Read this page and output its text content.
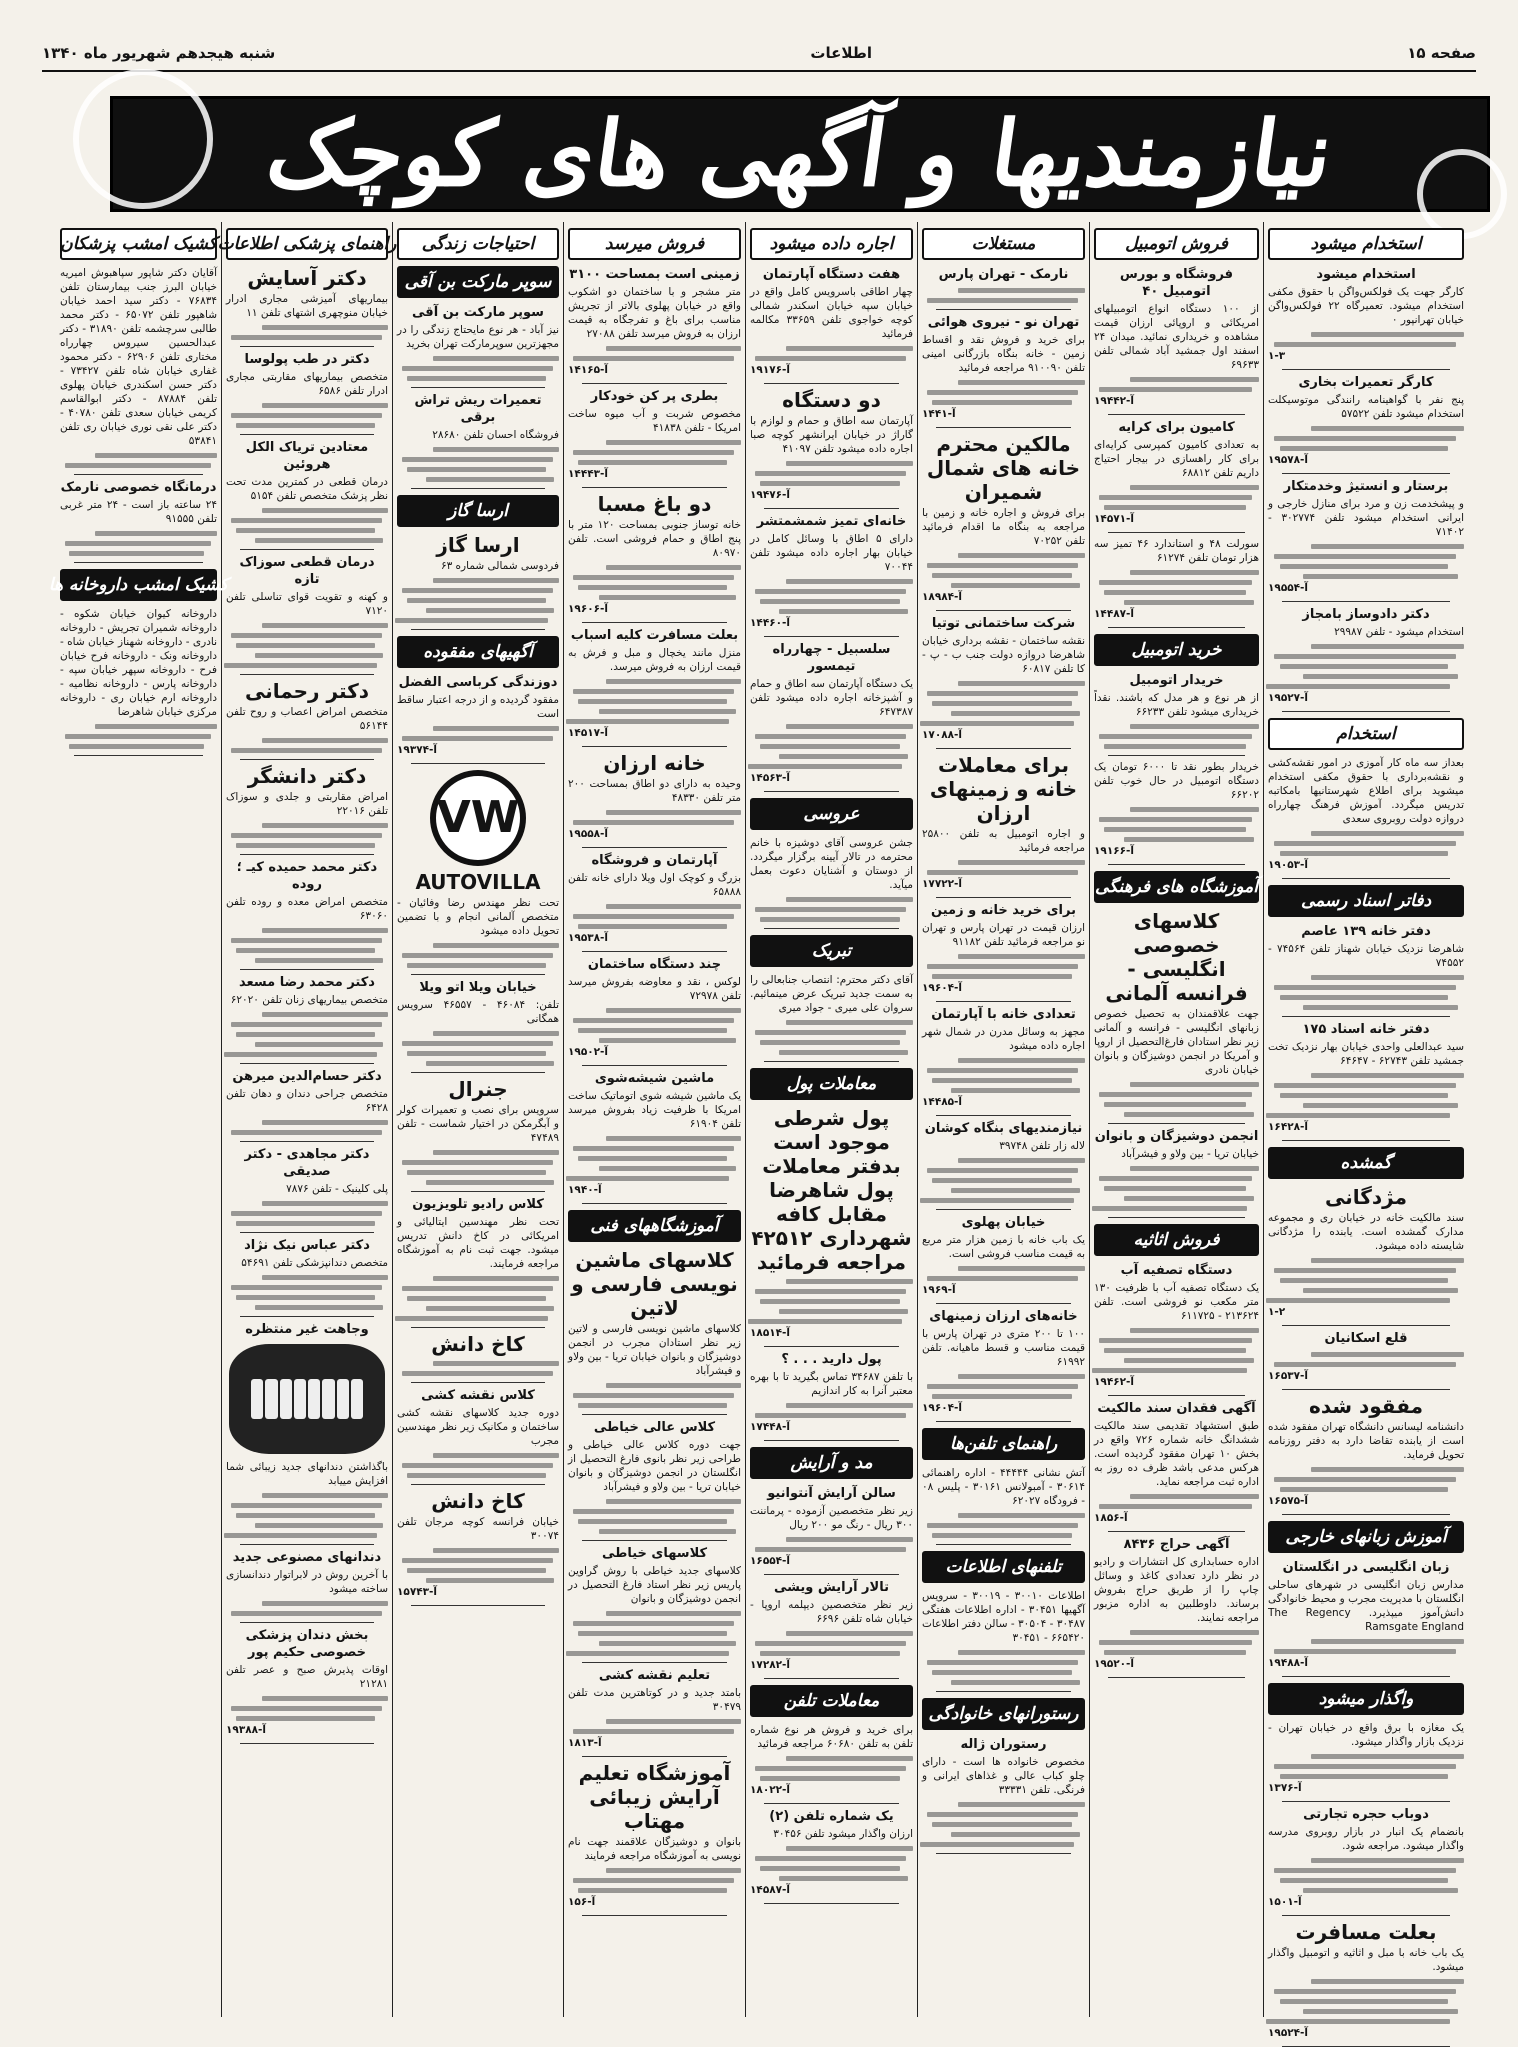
صفحه ۱۵
اطلاعات
شنبه هیجدهم شهریور ماه ۱۳۴۰
نیازمندیها و آگهی های کوچک
کشیک امشب پزشکان
آقایان دکتر شاپور سپاهبوش امیریه خیابان البرز جنب بیمارستان تلفن ۷۶۸۳۴ - دکتر سید احمد خیابان شاهپور تلفن ۶۵۰۷۲ - دکتر محمد طالبی سرچشمه تلفن ۳۱۸۹۰ - دکتر عبدالحسین سیروس چهارراه مختاری تلفن ۶۲۹۰۶ - دکتر محمود غفاری خیابان شاه تلفن ۷۳۴۲۷ - دکتر حسن اسکندری خیابان پهلوی تلفن ۸۷۸۸۴ - دکتر ابوالقاسم کریمی خیابان سعدی تلفن ۴۰۷۸۰ - دکتر علی نقی نوری خیابان ری تلفن ۵۳۸۴۱
درمانگاه خصوصی نارمک
۲۴ ساعته باز است - ۲۴ متر غربی تلفن ۹۱۵۵۵
کشیک امشب داروخانه ها
داروخانه کیوان خیابان شکوه - داروخانه شمیران تجریش - داروخانه نادری - داروخانه شهناز خیابان شاه - داروخانه ونک - داروخانه فرح خیابان فرح - داروخانه سپهر خیابان سپه - داروخانه پارس - داروخانه نظامیه - داروخانه ارم خیابان ری - داروخانه مرکزی خیابان شاهرضا
راهنمای پزشکی اطلاعات
دکتر آسایش
بیماریهای آمیزشی مجاری ادرار خیابان منوچهری اشتهای تلفن ۱۱
دکتر در طب پولوسا
متخصص بیماریهای مقاربتی مجاری ادرار تلفن ۶۵۸۶
معتادین تریاک الکل هروئین
درمان قطعی در کمترین مدت تحت نظر پزشک متخصص تلفن ۵۱۵۴
درمان قطعی سوزاک تازه
و کهنه و تقویت قوای تناسلی تلفن ۷۱۲۰
دکتر رحمانی
متخصص امراض اعصاب و روح تلفن ۵۶۱۴۴
دکتر دانشگر
امراض مقاربتی و جلدی و سوزاک تلفن ۲۲۰۱۶
دکتر محمد حمیده کیـ ؛ روده
متخصص امراض معده و روده تلفن ۶۳۰۶۰
دکتر محمد رضا مسعد
متخصص بیماریهای زنان تلفن ۶۲۰۲۰
دکتر حسام‌الدین میرهن
متخصص جراحی دندان و دهان تلفن ۶۴۲۸
دکتر مجاهدی - دکتر صدیقی
پلی کلینیک - تلفن ۷۸۷۶
دکتر عباس نیک نژاد
متخصص دندانپزشکی تلفن ۵۴۶۹۱
وجاهت غیر منتظره
باگذاشتن دندانهای جدید زیبائی شما افزایش مییابد
دندانهای مصنوعی جدید
با آخرین روش در لابراتوار دندانسازی ساخته میشود
بخش دندان پزشکی خصوصی حکیم پور
اوقات پذیرش صبح و عصر تلفن ۲۱۲۸۱
آ-۱۹۳۸۸
احتیاجات زندگی
سوپر مارکت بن آقی
سوپر مارکت بن آقی
نیز آباد - هر نوع مایحتاج زندگی را در مجهزترین سوپرمارکت تهران بخرید
تعمیرات ریش تراش برقی
فروشگاه احسان تلفن ۲۸۶۸۰
ارسا گاز
ارسا گاز
فردوسی شمالی شماره ۶۳
آگهیهای مفقوده
دوزندگی کرباسی الفضل
مفقود گردیده و از درجه اعتبار ساقط است
آ-۱۹۳۷۴
VW
AUTOVILLA
تحت نظر مهندس رضا وفائیان - متخصص آلمانی انجام و با تضمین تحویل داده میشود
خیابان ویلا اتو ویلا
تلفن: ۴۶۰۸۴ - ۴۶۵۵۷ سرویس همگانی
جنرال
سرویس برای نصب و تعمیرات کولر و آبگرمکن در اختیار شماست - تلفن ۴۷۴۸۹
کلاس رادیو تلویزیون
تحت نظر مهندسین ایتالیائی و امریکائی در کاخ دانش تدریس میشود. جهت ثبت نام به آموزشگاه مراجعه فرمایند.
کاخ دانش
کلاس نقشه کشی
دوره جدید کلاسهای نقشه کشی ساختمان و مکانیک زیر نظر مهندسین مجرب
کاخ دانش
خیابان فرانسه کوچه مرجان تلفن ۳۰۰۷۴
آ-۱۵۷۴۳
فروش میرسد
زمینی است بمساحت ۳۱۰۰
متر مشجر و با ساختمان دو اشکوب واقع در خیابان پهلوی بالاتر از تجریش مناسب برای باغ و تفرجگاه به قیمت ارزان به فروش میرسد تلفن ۲۷۰۸۸
آ-۱۴۱۶۵
بطری پر کن خودکار
مخصوص شربت و آب میوه ساخت امریکا - تلفن ۴۱۸۳۸
آ-۱۴۴۴۳
دو باغ مسبا
خانه توساز جنوبی بمساحت ۱۲۰ متر با پنج اطاق و حمام فروشی است. تلفن ۸۰۹۷۰
آ-۱۹۶۰۶
بعلت مسافرت کلیه اسباب
منزل مانند یخچال و مبل و فرش به قیمت ارزان به فروش میرسد.
آ-۱۴۵۱۷
خانه ارزان
وحیده به دارای دو اطاق بمساحت ۲۰۰ متر تلفن ۴۸۳۳۰
آ-۱۹۵۵۸
آپارتمان و فروشگاه
بزرگ و کوچک اول ویلا دارای خانه تلفن ۶۵۸۸۸
آ-۱۹۵۳۸
چند دستگاه ساختمان
لوکس ، نقد و معاوضه بفروش میرسد تلفن ۷۲۹۷۸
آ-۱۹۵۰۲
ماشین شیشه‌شوی
یک ماشین شیشه شوی اتوماتیک ساخت امریکا با ظرفیت زیاد بفروش میرسد تلفن ۶۱۹۰۴
آ-۱۹۴۰
آموزشگاههای فنی
کلاسهای ماشین نویسی فارسی و لاتین
کلاسهای ماشین نویسی فارسی و لاتین زیر نظر استادان مجرب در انجمن دوشیزگان و بانوان خیابان تریا - بین ولاو و فیشرآباد
کلاس عالی خیاطی
جهت دوره کلاس عالی خیاطی و طراحی زیر نظر بانوی فارغ التحصیل از انگلستان در انجمن دوشیزگان و بانوان خیابان تریا - بین ولاو و فیشرآباد
کلاسهای خیاطی
کلاسهای جدید خیاطی با روش گراوین پاریس زیر نظر استاد فارغ التحصیل در انجمن دوشیزگان و بانوان
تعلیم نقشه کشی
بامتد جدید و در کوتاهترین مدت تلفن ۳۰۴۷۹
آ-۱۸۱۳
آموزشگاه تعلیم آرایش زیبائی مهتاب
بانوان و دوشیزگان علاقمند جهت نام نویسی به آموزشگاه مراجعه فرمایند
آ-۱۵۶
اجاره داده میشود
هفت دستگاه آپارتمان
چهار اطاقی باسرویس کامل واقع در خیابان سپه خیابان اسکندر شمالی کوچه خواجوی تلفن ۳۳۶۵۹ مکالمه فرمائید
آ-۱۹۱۷۶
دو دستگاه
آپارتمان سه اطاق و حمام و لوازم با گاراژ در خیابان ایرانشهر کوچه صبا اجاره داده میشود تلفن ۴۱۰۹۷
آ-۱۹۴۷۶
خانه‌ای تمیز شمشمتشر
دارای ۵ اطاق با وسائل کامل در خیابان بهار اجاره داده میشود تلفن ۷۰۰۴۴
آ-۱۴۴۶۰
سلسبیل - چهارراه تیمسور
یک دستگاه آپارتمان سه اطاق و حمام و آشپزخانه اجاره داده میشود تلفن ۶۴۷۳۸۷
آ-۱۴۵۶۳
عروسی
جشن عروسی آقای دوشیزه با خانم محترمه در تالار آیینه برگزار میگردد. از دوستان و آشنایان دعوت بعمل میآید.
تبریک
آقای دکتر محترم: انتصاب جنابعالی را به سمت جدید تبریک عرض مینمائیم. سروان علی میری - جواد میری
معاملات پول
پول شرطی موجود است بدفتر معاملات پول شاهرضا مقابل کافه شهرداری ۴۲۵۱۲ مراجعه فرمائید
آ-۱۸۵۱۴
پول دارید . . . ؟
با تلفن ۳۴۶۸۷ تماس بگیرید تا با بهره معتبر آنرا به کار اندازیم
آ-۱۷۴۴۸
مد و آرایش
سالن آرایش آنتوانیو
زیر نظر متخصصین آزموده - پرماننت ۳۰۰ ریال - رنگ مو ۲۰۰ ریال
آ-۱۶۵۵۴
تالار آرایش ویشی
زیر نظر متخصصین دیپلمه اروپا - خیابان شاه تلفن ۶۶۹۶
آ-۱۷۲۸۲
معاملات تلفن
برای خرید و فروش هر نوع شماره تلفن به تلفن ۶۰۶۸۰ مراجعه فرمائید
آ-۱۸۰۲۲
یک شماره تلفن (۲)
ارزان واگذار میشود تلفن ۳۰۴۵۶
آ-۱۴۵۸۷
مستغلات
نارمک - تهران پارس
تهران نو - نیروی هوائی
برای خرید و فروش نقد و اقساط زمین - خانه بنگاه بازرگانی امینی تلفن ۹۱۰۰۹۰ مراجعه فرمائید
آ-۱۴۴۱
مالکین محترم خانه های شمال شمیران
برای فروش و اجاره خانه و زمین با مراجعه به بنگاه ما اقدام فرمائید تلفن ۷۰۲۵۲
آ-۱۸۹۸۴
شرکت ساختمانی توتیا
نقشه ساختمان - نقشه برداری خیابان شاهرضا دروازه دولت جنب ب - پ - کا تلفن ۶۰۸۱۷
آ-۱۷۰۸۸
برای معاملات خانه و زمینهای ارزان
و اجاره اتومبیل به تلفن ۲۵۸۰۰ مراجعه فرمائید
آ-۱۷۷۲۲
برای خرید خانه و زمین
ارزان قیمت در تهران پارس و تهران نو مراجعه فرمائید تلفن ۹۱۱۸۲
آ-۱۹۶۰۴
تعدادی خانه با آپارتمان
مجهز به وسائل مدرن در شمال شهر اجاره داده میشود
آ-۱۴۴۸۵
نیازمندیهای بنگاه کوشان
لاله زار تلفن ۳۹۷۴۸
خیابان پهلوی
یک باب خانه با زمین هزار متر مربع به قیمت مناسب فروشی است.
آ-۱۹۶۹
خانه‌های ارزان زمینهای
۱۰۰ تا ۲۰۰ متری در تهران پارس با قیمت مناسب و قسط ماهیانه. تلفن ۶۱۹۹۲
آ-۱۹۶۰۴
راهنمای تلفن‌ها
آتش نشانی ۴۴۴۴۴ - اداره راهنمائی ۳۰۶۱۴ - آمبولانس ۳۰۱۶۱ - پلیس ۰۸ - فرودگاه ۶۲۰۲۷
تلفنهای اطلاعات
اطلاعات ۳۰۰۱۰ - ۳۰۰۱۹ - سرویس آگهیها ۳۰۴۵۱ - اداره اطلاعات هفتگی ۳۰۴۸۷ - ۳۰۵۰۴ - سالن دفتر اطلاعات ۶۶۵۴۲۰ - ۳۰۴۵۱
رستورانهای خانوادگی
رستوران ژاله
مخصوص خانواده ها است - دارای چلو کباب عالی و غذاهای ایرانی و فرنگی. تلفن ۳۳۳۳۱
فروش اتومبیل
فروشگاه و بورس اتومبیل ۴۰
از ۱۰۰ دستگاه انواع اتومبیلهای امریکائی و اروپائی ارزان قیمت مشاهده و خریداری نمائید. میدان ۲۴ اسفند اول جمشید آباد شمالی تلفن ۶۹۶۳۳
آ-۱۹۴۴۲
کامیون برای کرایه
به تعدادی کامیون کمپرسی کرایه‌ای برای کار راهسازی در بیجار احتیاج داریم تلفن ۶۸۸۱۲
آ-۱۴۵۷۱
سورلت ۴۸ و استاندارد ۴۶ تمیز سه هزار تومان تلفن ۶۱۲۷۴
آ-۱۴۴۸۷
خرید اتومبیل
خریدار اتومبیل
از هر نوع و هر مدل که باشند. نقداً خریداری میشود تلفن ۶۶۲۳۳
خریدار بطور نقد تا ۶۰۰۰ تومان یک دستگاه اتومبیل در حال خوب تلفن ۶۶۲۰۲
آ-۱۹۱۶۶
آموزشگاه های فرهنگی
کلاسهای خصوصی انگلیسی - فرانسه آلمانی
جهت علاقمندان به تحصیل خصوص زبانهای انگلیسی - فرانسه و آلمانی زیر نظر استادان فارغ‌التحصیل از اروپا و آمریکا در انجمن دوشیزگان و بانوان خیابان نادری
انجمن دوشیزگان و بانوان
خیابان تریا - بین ولاو و فیشرآباد
فروش اثاثیه
دستگاه تصفیه آب
یک دستگاه تصفیه آب با ظرفیت ۱۳۰ متر مکعب نو فروشی است. تلفن ۲۱۳۶۲۴ - ۶۱۱۷۲۵
آ-۱۹۴۶۲
آگهی فقدان سند مالکیت
طبق استشهاد تقدیمی سند مالکیت ششدانگ خانه شماره ۷۲۶ واقع در بخش ۱۰ تهران مفقود گردیده است. هرکس مدعی باشد ظرف ده روز به اداره ثبت مراجعه نماید.
آ-۱۸۵۶
آگهی حراج ۸۴۳۶
اداره حسابداری کل انتشارات و رادیو در نظر دارد تعدادی کاغذ و وسائل چاپ را از طریق حراج بفروش برساند. داوطلبین به اداره مزبور مراجعه نمایند.
آ-۱۹۵۲۰
استخدام میشود
استخدام میشود
کارگر جهت یک فولکس‌واگن با حقوق مکفی استخدام میشود. تعمیرگاه ۲۲ فولکس‌واگن خیابان تهرانپور ۰
۱-۳
کارگر تعمیرات بخاری
پنج نفر با گواهینامه رانندگی موتوسیکلت استخدام میشود تلفن ۵۷۵۲۲
آ-۱۹۵۷۸
برستار و انستیژ وخدمتکار
و پیشخدمت زن و مرد برای منازل خارجی و ایرانی استخدام میشود تلفن ۳۰۲۷۷۴ - ۷۱۴۰۲
آ-۱۹۵۵۴
دکتر دادوساز بامجاز
استخدام میشود - تلفن ۲۹۹۸۷
آ-۱۹۵۲۷
استخدام
بعداز سه ماه کار آموزی در امور نقشه‌کشی و نقشه‌برداری با حقوق مکفی استخدام میشوید برای اطلاع شهرستانیها بامکاتبه تدریس میگردد. آموزش فرهنگ چهارراه دروازه دولت روبروی سعدی
آ-۱۹۰۵۳
دفاتر اسناد رسمی
دفتر خانه ۱۳۹ عاصم
شاهرضا نزدیک خیابان شهناز تلفن ۷۴۵۶۴ - ۷۴۵۵۲
دفتر خانه اسناد ۱۷۵
سید عبدالعلی واحدی خیابان بهار نزدیک تخت جمشید تلفن ۶۲۷۴۳ - ۶۴۶۴۷
آ-۱۶۴۲۸
گمشده
مژدگانی
سند مالکیت خانه در خیابان ری و مجموعه مدارک گمشده است. یابنده را مژدگانی شایسته داده میشود.
۱-۲
قلع اسکانیان
آ-۱۶۵۳۷
مفقود شده
دانشنامه لیسانس دانشگاه تهران مفقود شده است از یابنده تقاضا دارد به دفتر روزنامه تحویل فرماید.
آ-۱۶۵۷۵
آموزش زبانهای خارجی
زبان انگلیسی در انگلستان
مدارس زبان انگلیسی در شهرهای ساحلی انگلستان با مدیریت مجرب و محیط خانوادگی دانش‌آموز میپذیرد. The Regency Ramsgate England
آ-۱۹۴۸۸
واگذار میشود
یک مغازه با برق واقع در خیابان تهران - نزدیک بازار واگذار میشود.
آ-۱۳۷۶
دوباب حجره تجارتی
بانضمام یک انبار در بازار روبروی مدرسه واگذار میشود. مراجعه شود.
آ-۱۵۰۱
بعلت مسافرت
یک باب خانه با مبل و اثاثیه و اتومبیل واگذار میشود.
آ-۱۹۵۲۴
